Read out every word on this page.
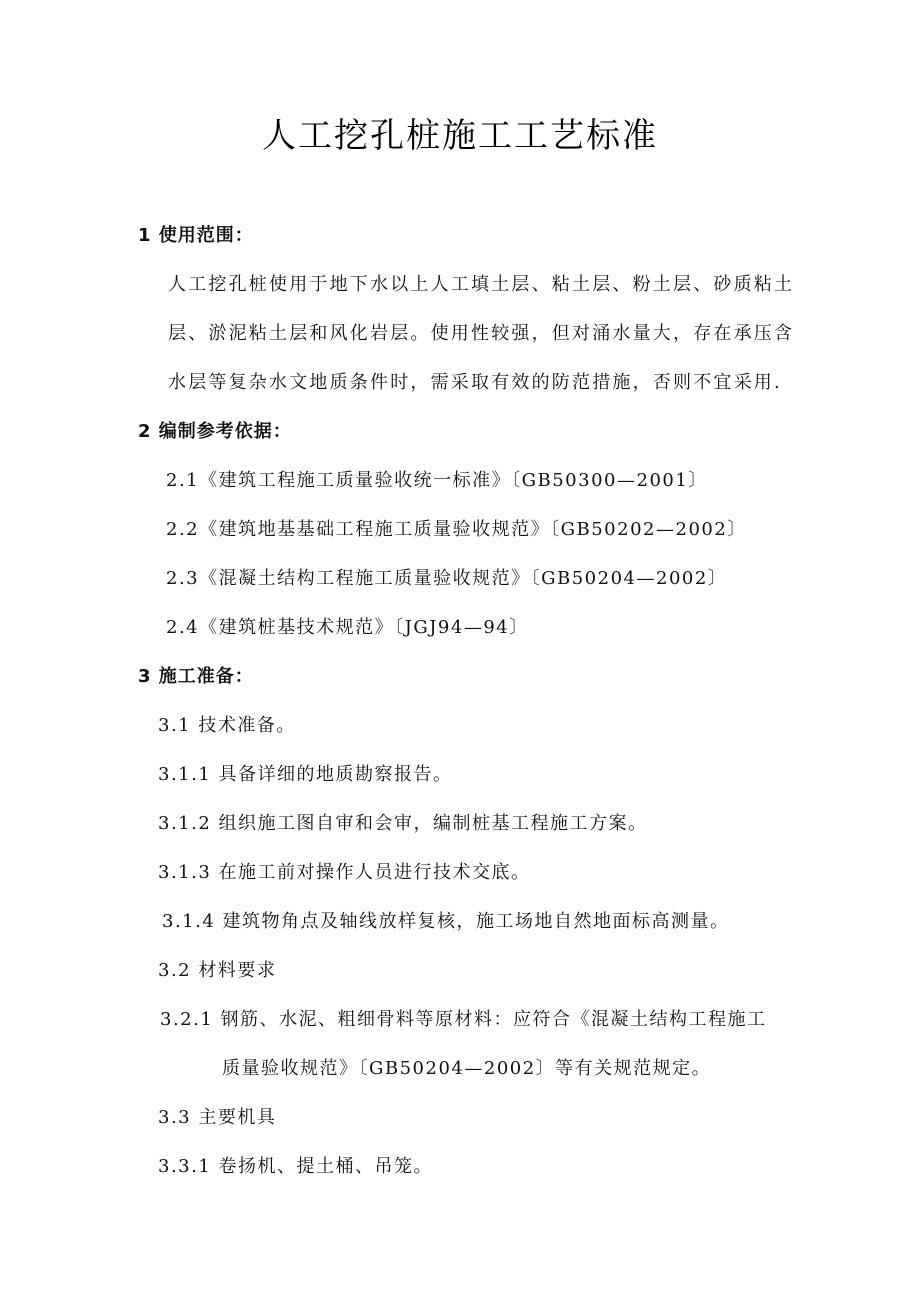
人工挖孔桩施工工艺标准
1 使用范围：
人工挖孔桩使用于地下水以上人工填土层、粘土层、粉土层、砂质粘土
层、淤泥粘土层和风化岩层。使用性较强，但对涌水量大，存在承压含
水层等复杂水文地质条件时，需采取有效的防范措施，否则不宜采用.
2 编制参考依据：
2.1《建筑工程施工质量验收统一标准》〔GB50300—2001〕
2.2《建筑地基基础工程施工质量验收规范》〔GB50202—2002〕
2.3《混凝土结构工程施工质量验收规范》〔GB50204—2002〕
2.4《建筑桩基技术规范》〔JGJ94—94〕
3 施工准备：
3.1 技术准备。
3.1.1 具备详细的地质勘察报告。
3.1.2 组织施工图自审和会审，编制桩基工程施工方案。
3.1.3 在施工前对操作人员进行技术交底。
3.1.4 建筑物角点及轴线放样复核，施工场地自然地面标高测量。
3.2 材料要求
3.2.1 钢筋、水泥、粗细骨料等原材料：应符合《混凝土结构工程施工
质量验收规范》〔GB50204—2002〕等有关规范规定。
3.3 主要机具
3.3.1 卷扬机、提土桶、吊笼。
